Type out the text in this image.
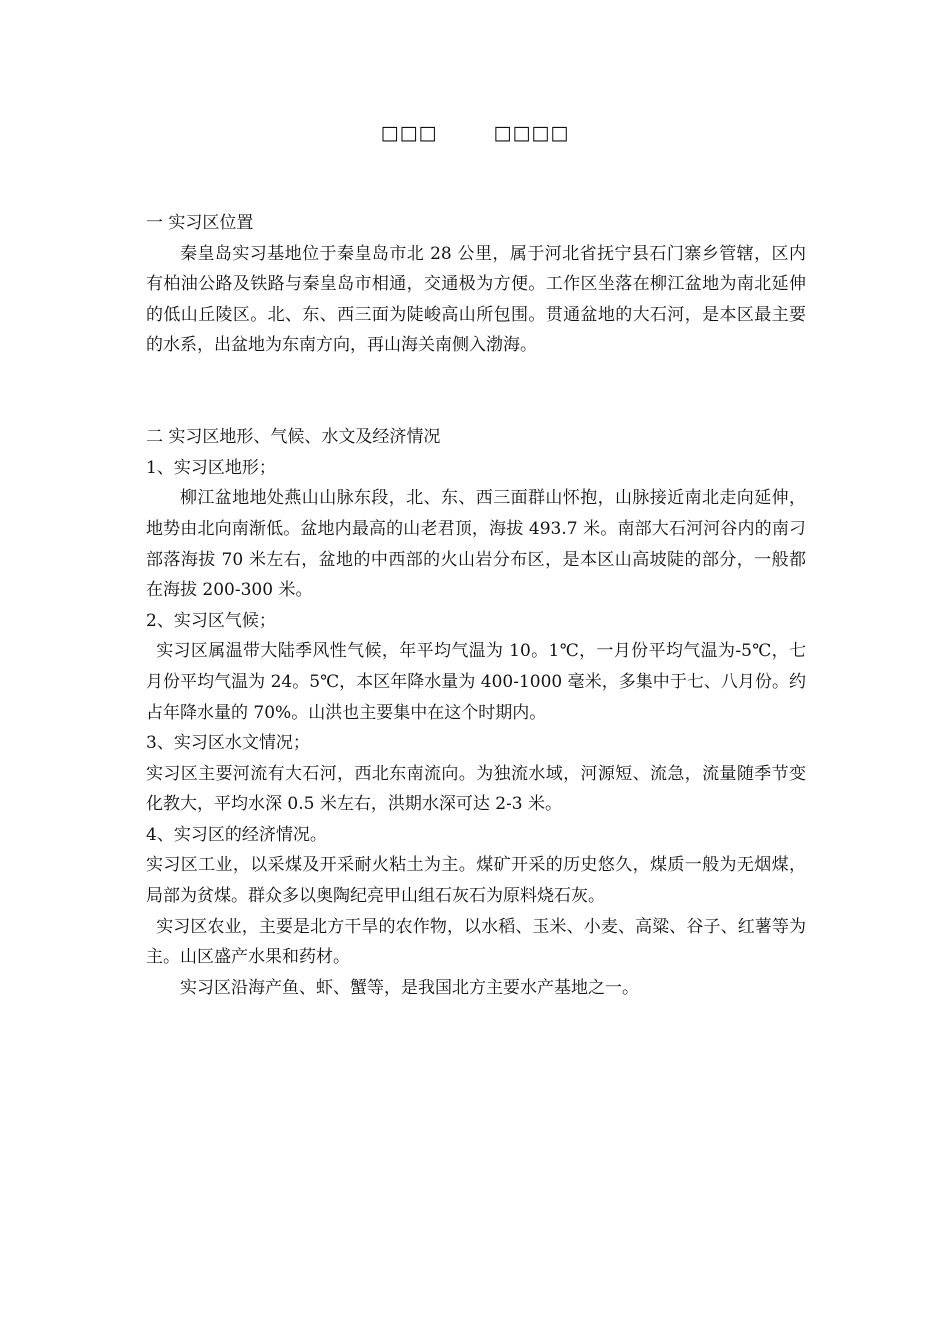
□□□	□□□□

一 实习区位置

秦皇岛实习基地位于秦皇岛市北 28 公里，属于河北省抚宁县石门寨乡管辖，区内有柏油公路及铁路与秦皇岛市相通，交通极为方便。工作区坐落在柳江盆地为南北延伸的低山丘陵区。北、东、西三面为陡峻高山所包围。贯通盆地的大石河，是本区最主要的水系，出盆地为东南方向，再山海关南侧入渤海。

二 实习区地形、气候、水文及经济情况

1、实习区地形；

柳江盆地地处燕山山脉东段，北、东、西三面群山怀抱，山脉接近南北走向延伸，地势由北向南渐低。盆地内最高的山老君顶，海拔 493.7 米。南部大石河河谷内的南刁部落海拔 70 米左右，盆地的中西部的火山岩分布区，是本区山高坡陡的部分，一般都在海拔 200-300 米。

2、实习区气候；

实习区属温带大陆季风性气候，年平均气温为 10。1℃，一月份平均气温为-5℃，七月份平均气温为 24。5℃，本区年降水量为 400-1000 毫米，多集中于七、八月份。约占年降水量的 70%。山洪也主要集中在这个时期内。

3、实习区水文情况；

实习区主要河流有大石河，西北东南流向。为独流水域，河源短、流急，流量随季节变化教大，平均水深 0.5 米左右，洪期水深可达 2-3 米。

4、实习区的经济情况。

实习区工业，以采煤及开采耐火粘土为主。煤矿开采的历史悠久，煤质一般为无烟煤，局部为贫煤。群众多以奥陶纪亮甲山组石灰石为原料烧石灰。

实习区农业，主要是北方干旱的农作物，以水稻、玉米、小麦、高粱、谷子、红薯等为主。山区盛产水果和药材。

实习区沿海产鱼、虾、蟹等，是我国北方主要水产基地之一。
